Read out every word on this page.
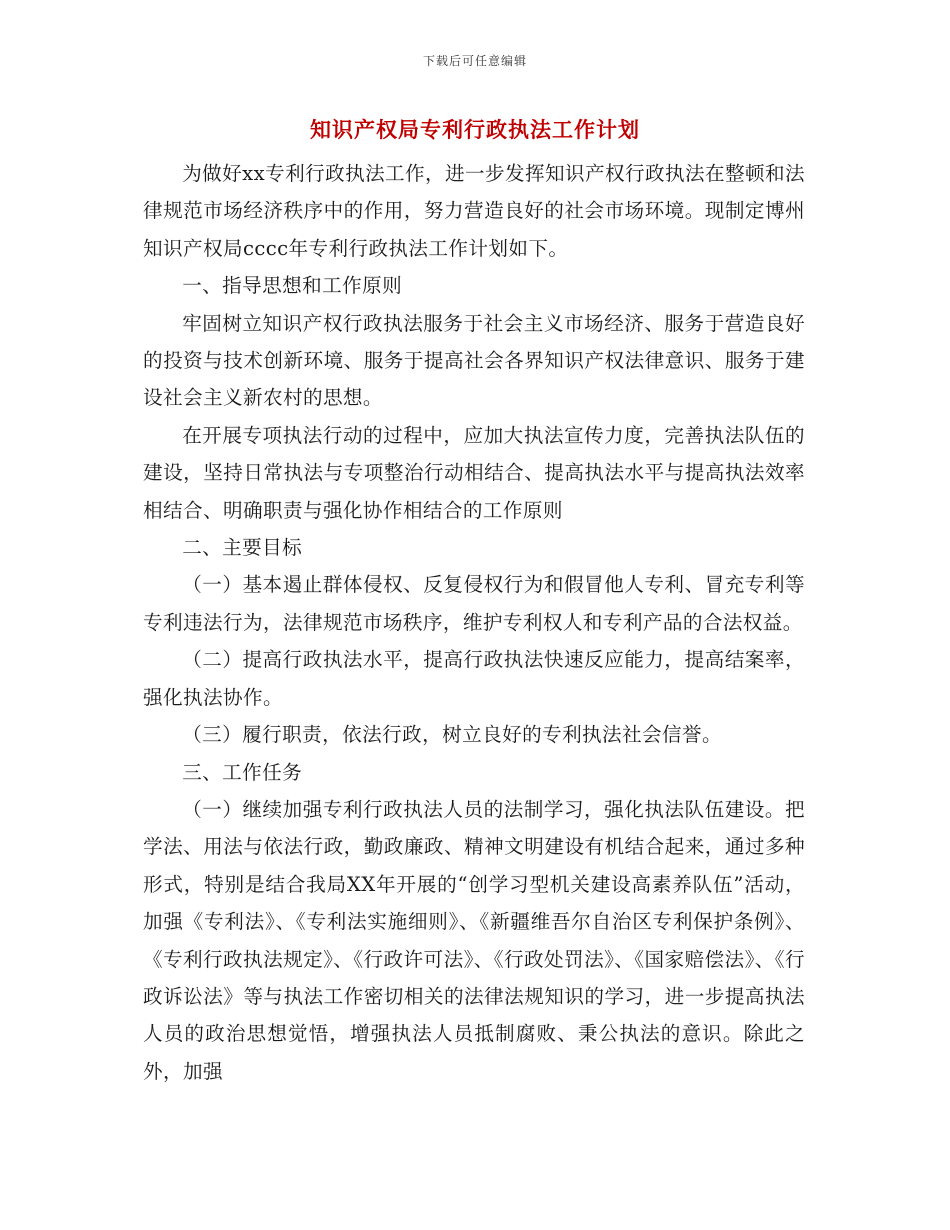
下载后可任意编辑
知识产权局专利行政执法工作计划

为做好xx专利行政执法工作，进一步发挥知识产权行政执法在整顿和法律规范市场经济秩序中的作用，努力营造良好的社会市场环境。现制定博州知识产权局cccc年专利行政执法工作计划如下。

一、指导思想和工作原则

牢固树立知识产权行政执法服务于社会主义市场经济、服务于营造良好的投资与技术创新环境、服务于提高社会各界知识产权法律意识、服务于建设社会主义新农村的思想。

在开展专项执法行动的过程中，应加大执法宣传力度，完善执法队伍的建设，坚持日常执法与专项整治行动相结合、提高执法水平与提高执法效率相结合、明确职责与强化协作相结合的工作原则

二、主要目标

（一）基本遏止群体侵权、反复侵权行为和假冒他人专利、冒充专利等专利违法行为，法律规范市场秩序，维护专利权人和专利产品的合法权益。

（二）提高行政执法水平，提高行政执法快速反应能力，提高结案率，强化执法协作。

（三）履行职责，依法行政，树立良好的专利执法社会信誉。

三、工作任务

（一）继续加强专利行政执法人员的法制学习，强化执法队伍建设。把学法、用法与依法行政，勤政廉政、精神文明建设有机结合起来，通过多种形式，特别是结合我局XX年开展的“创学习型机关建设高素养队伍”活动，加强《专利法》、《专利法实施细则》、《新疆维吾尔自治区专利保护条例》、《专利行政执法规定》、《行政许可法》、《行政处罚法》、《国家赔偿法》、《行政诉讼法》等与执法工作密切相关的法律法规知识的学习，进一步提高执法人员的政治思想觉悟，增强执法人员抵制腐败、秉公执法的意识。除此之外，加强
